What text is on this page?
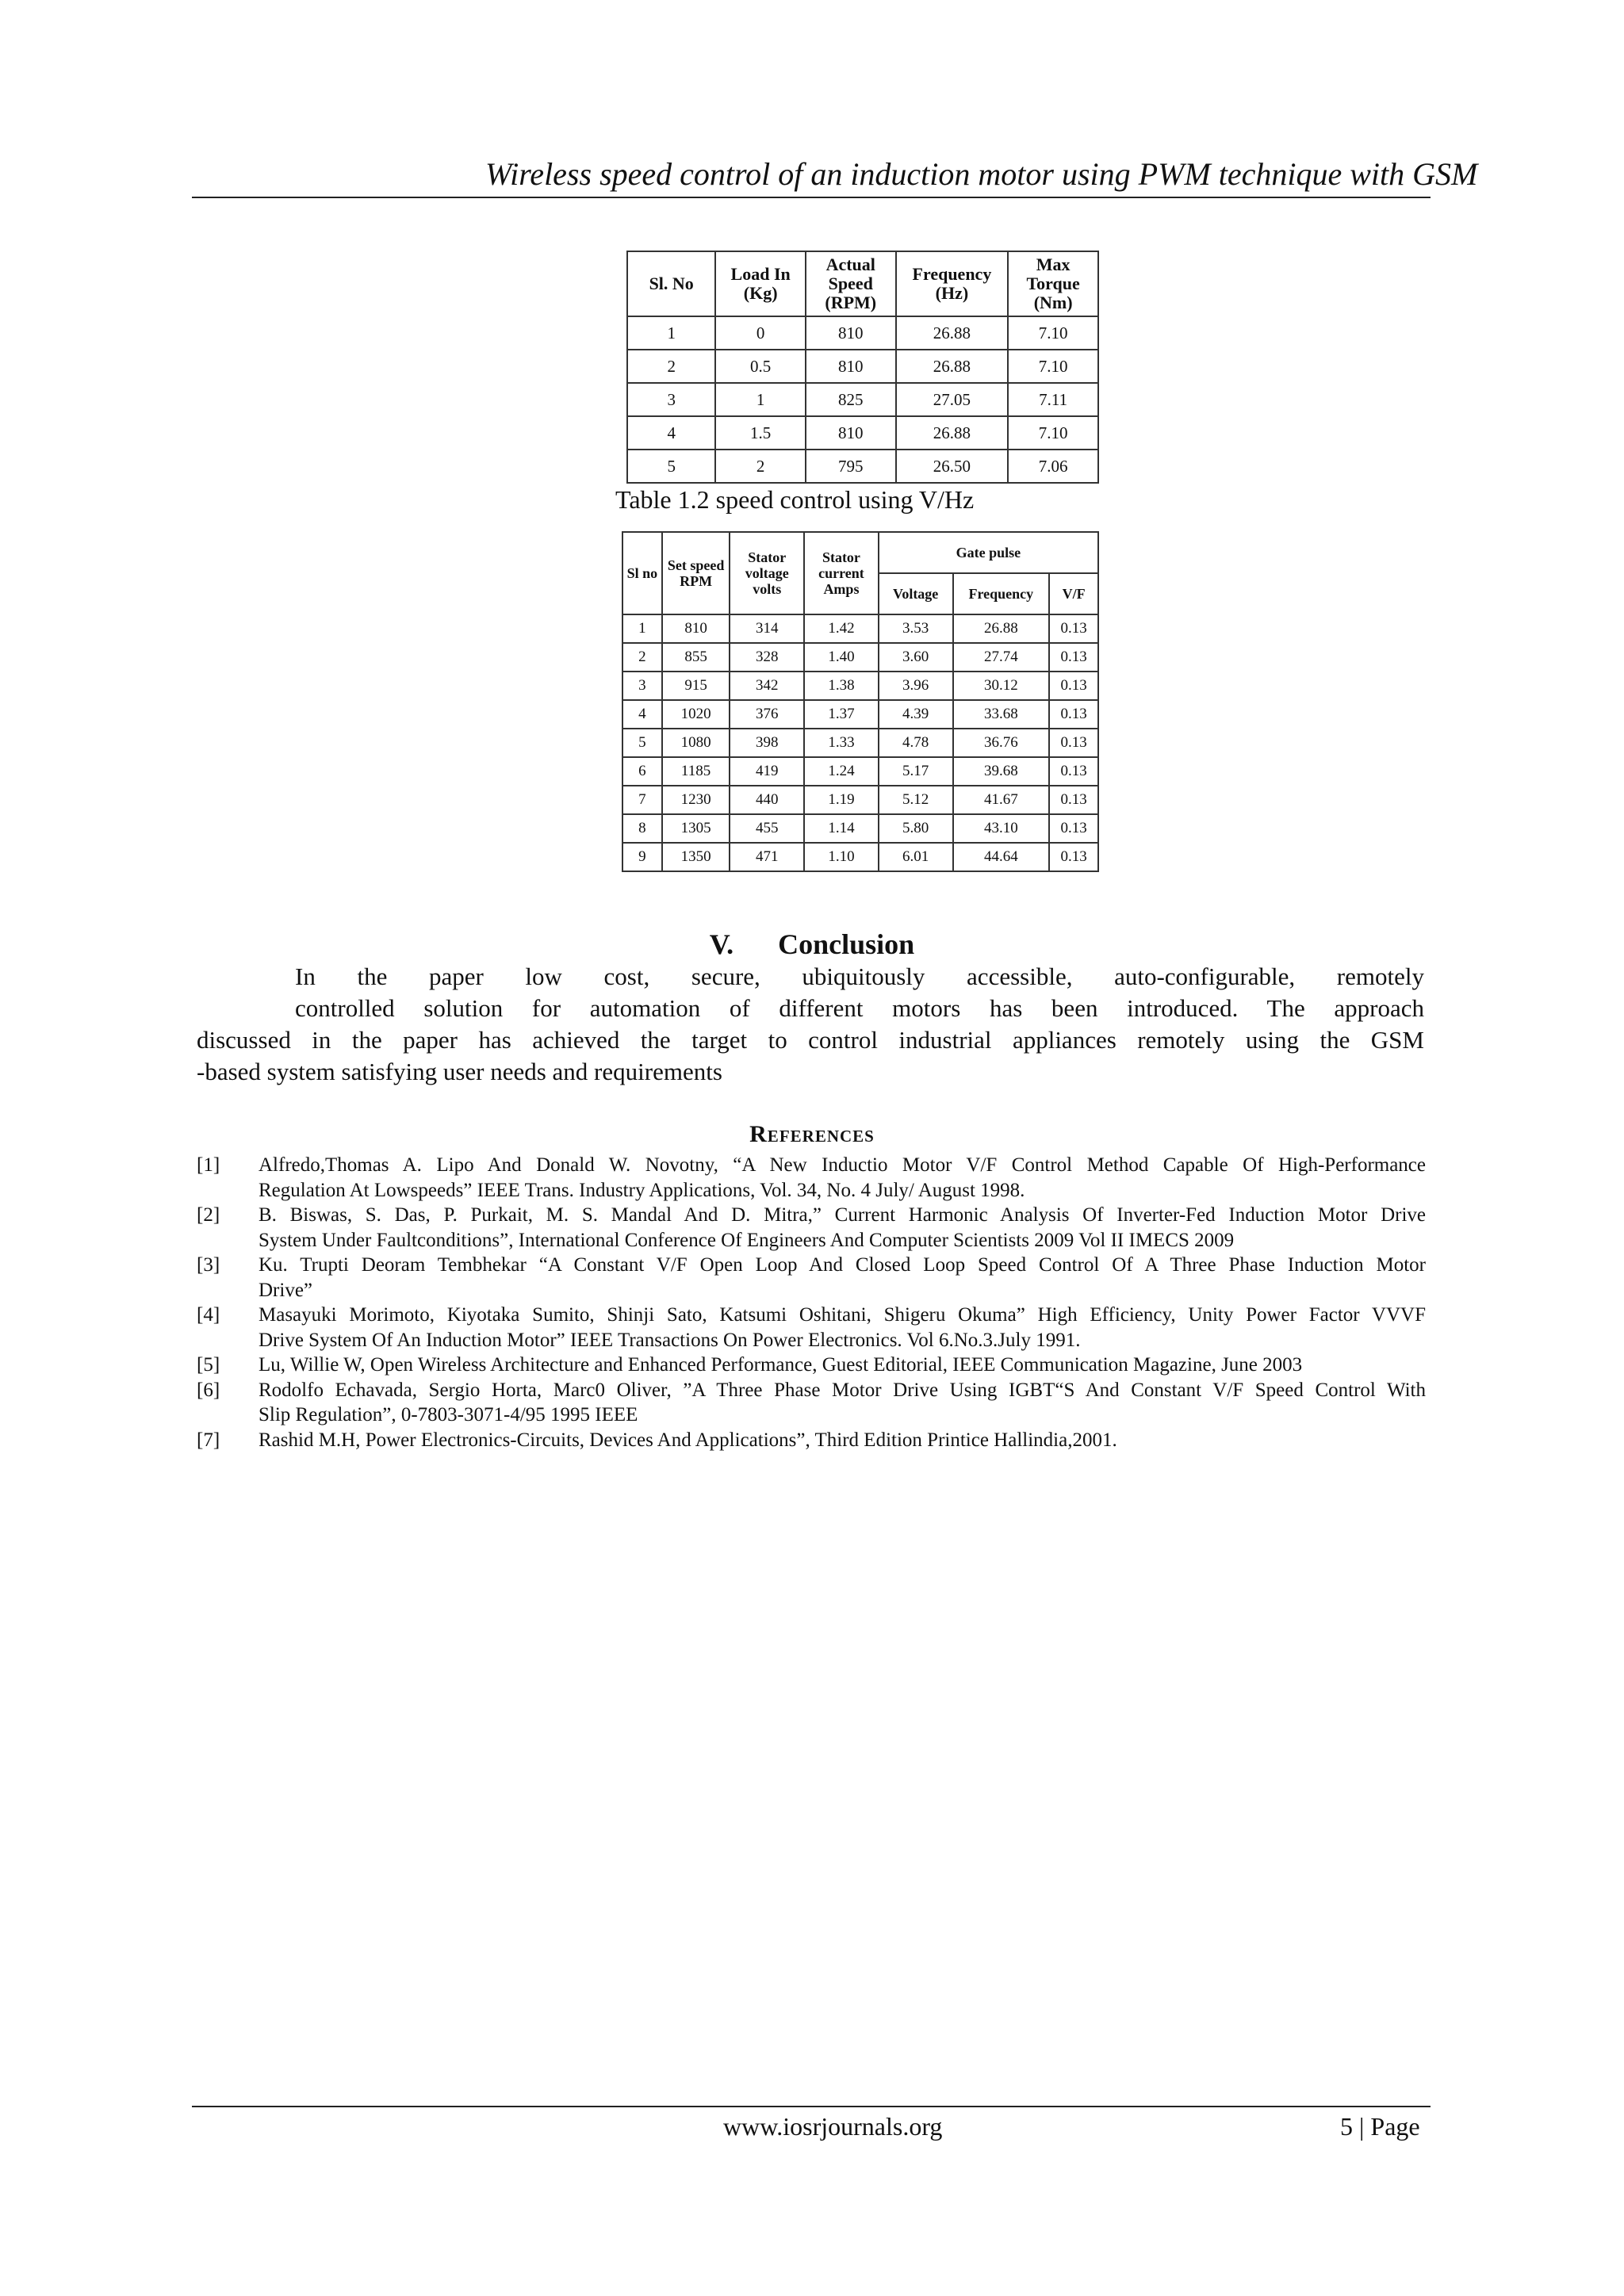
Wireless speed control of an induction motor using PWM technique with GSM
Sl. No	Load In (Kg)	Actual Speed (RPM)	Frequency (Hz)	Max Torque (Nm)
1	0	810	26.88	7.10
2	0.5	810	26.88	7.10
3	1	825	27.05	7.11
4	1.5	810	26.88	7.10
5	2	795	26.50	7.06
Table 1.2 speed control using V/Hz
Sl no	Set speed RPM	Stator voltage volts	Stator current Amps	Gate pulse		
				Voltage	Frequency	V/F
1	810	314	1.42	3.53	26.88	0.13
2	855	328	1.40	3.60	27.74	0.13
3	915	342	1.38	3.96	30.12	0.13
4	1020	376	1.37	4.39	33.68	0.13
5	1080	398	1.33	4.78	36.76	0.13
6	1185	419	1.24	5.17	39.68	0.13
7	1230	440	1.19	5.12	41.67	0.13
8	1305	455	1.14	5.80	43.10	0.13
9	1350	471	1.10	6.01	44.64	0.13
V. Conclusion
In the paper low cost, secure, ubiquitously accessible, auto-configurable, remotely
controlled solution for automation of different motors has been introduced. The approach
discussed in the paper has achieved the target to control industrial appliances remotely using the GSM
-based system satisfying user needs and requirements
References
[1] Alfredo,Thomas A. Lipo And Donald W. Novotny, “A New Inductio Motor V/F Control Method Capable Of High-Performance
Regulation At Lowspeeds” IEEE Trans. Industry Applications, Vol. 34, No. 4 July/ August 1998.
[2] B. Biswas, S. Das, P. Purkait, M. S. Mandal And D. Mitra,” Current Harmonic Analysis Of Inverter-Fed Induction Motor Drive
System Under Faultconditions”, International Conference Of Engineers And Computer Scientists 2009 Vol II IMECS 2009
[3] Ku. Trupti Deoram Tembhekar “A Constant V/F Open Loop And Closed Loop Speed Control Of A Three Phase Induction Motor
Drive”
[4] Masayuki Morimoto, Kiyotaka Sumito, Shinji Sato, Katsumi Oshitani, Shigeru Okuma” High Efficiency, Unity Power Factor VVVF
Drive System Of An Induction Motor” IEEE Transactions On Power Electronics. Vol 6.No.3.July 1991.
[5] Lu, Willie W, Open Wireless Architecture and Enhanced Performance, Guest Editorial, IEEE Communication Magazine, June 2003
[6] Rodolfo Echavada, Sergio Horta, Marc0 Oliver, ”A Three Phase Motor Drive Using IGBT“S And Constant V/F Speed Control With
Slip Regulation”, 0-7803-3071-4/95 1995 IEEE
[7] Rashid M.H, Power Electronics-Circuits, Devices And Applications”, Third Edition Printice Hallindia,2001.
www.iosrjournals.org	5 | Page
